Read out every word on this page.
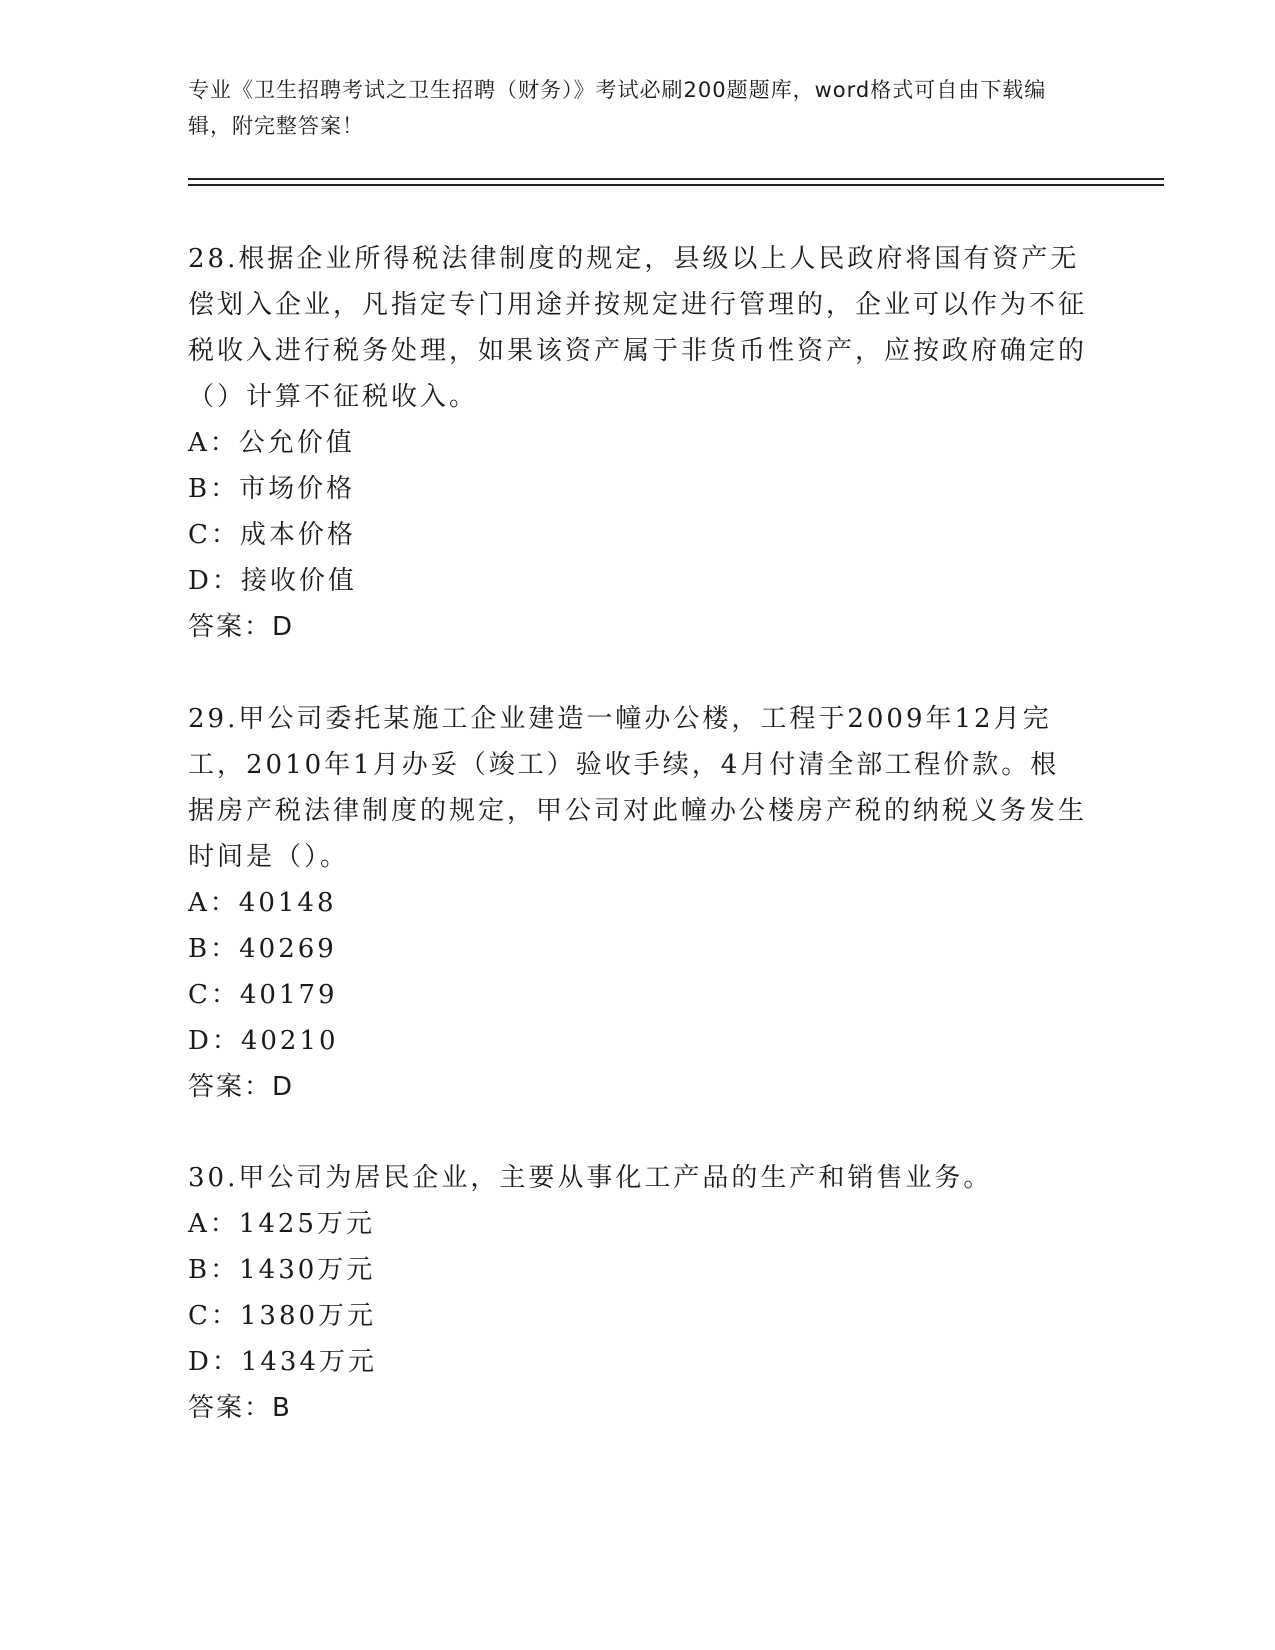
专业《卫生招聘考试之卫生招聘（财务）》考试必刷200题题库，word格式可自由下载编辑，附完整答案！
28.根据企业所得税法律制度的规定，县级以上人民政府将国有资产无偿划入企业，凡指定专门用途并按规定进行管理的，企业可以作为不征税收入进行税务处理，如果该资产属于非货币性资产，应按政府确定的（）计算不征税收入。
A：公允价值
B：市场价格
C：成本价格
D：接收价值
答案：D
29.甲公司委托某施工企业建造一幢办公楼，工程于2009年12月完工，2010年1月办妥（竣工）验收手续，4月付清全部工程价款。根据房产税法律制度的规定，甲公司对此幢办公楼房产税的纳税义务发生时间是（）。
A：40148
B：40269
C：40179
D：40210
答案：D
30.甲公司为居民企业，主要从事化工产品的生产和销售业务。
A：1425万元
B：1430万元
C：1380万元
D：1434万元
答案：B
